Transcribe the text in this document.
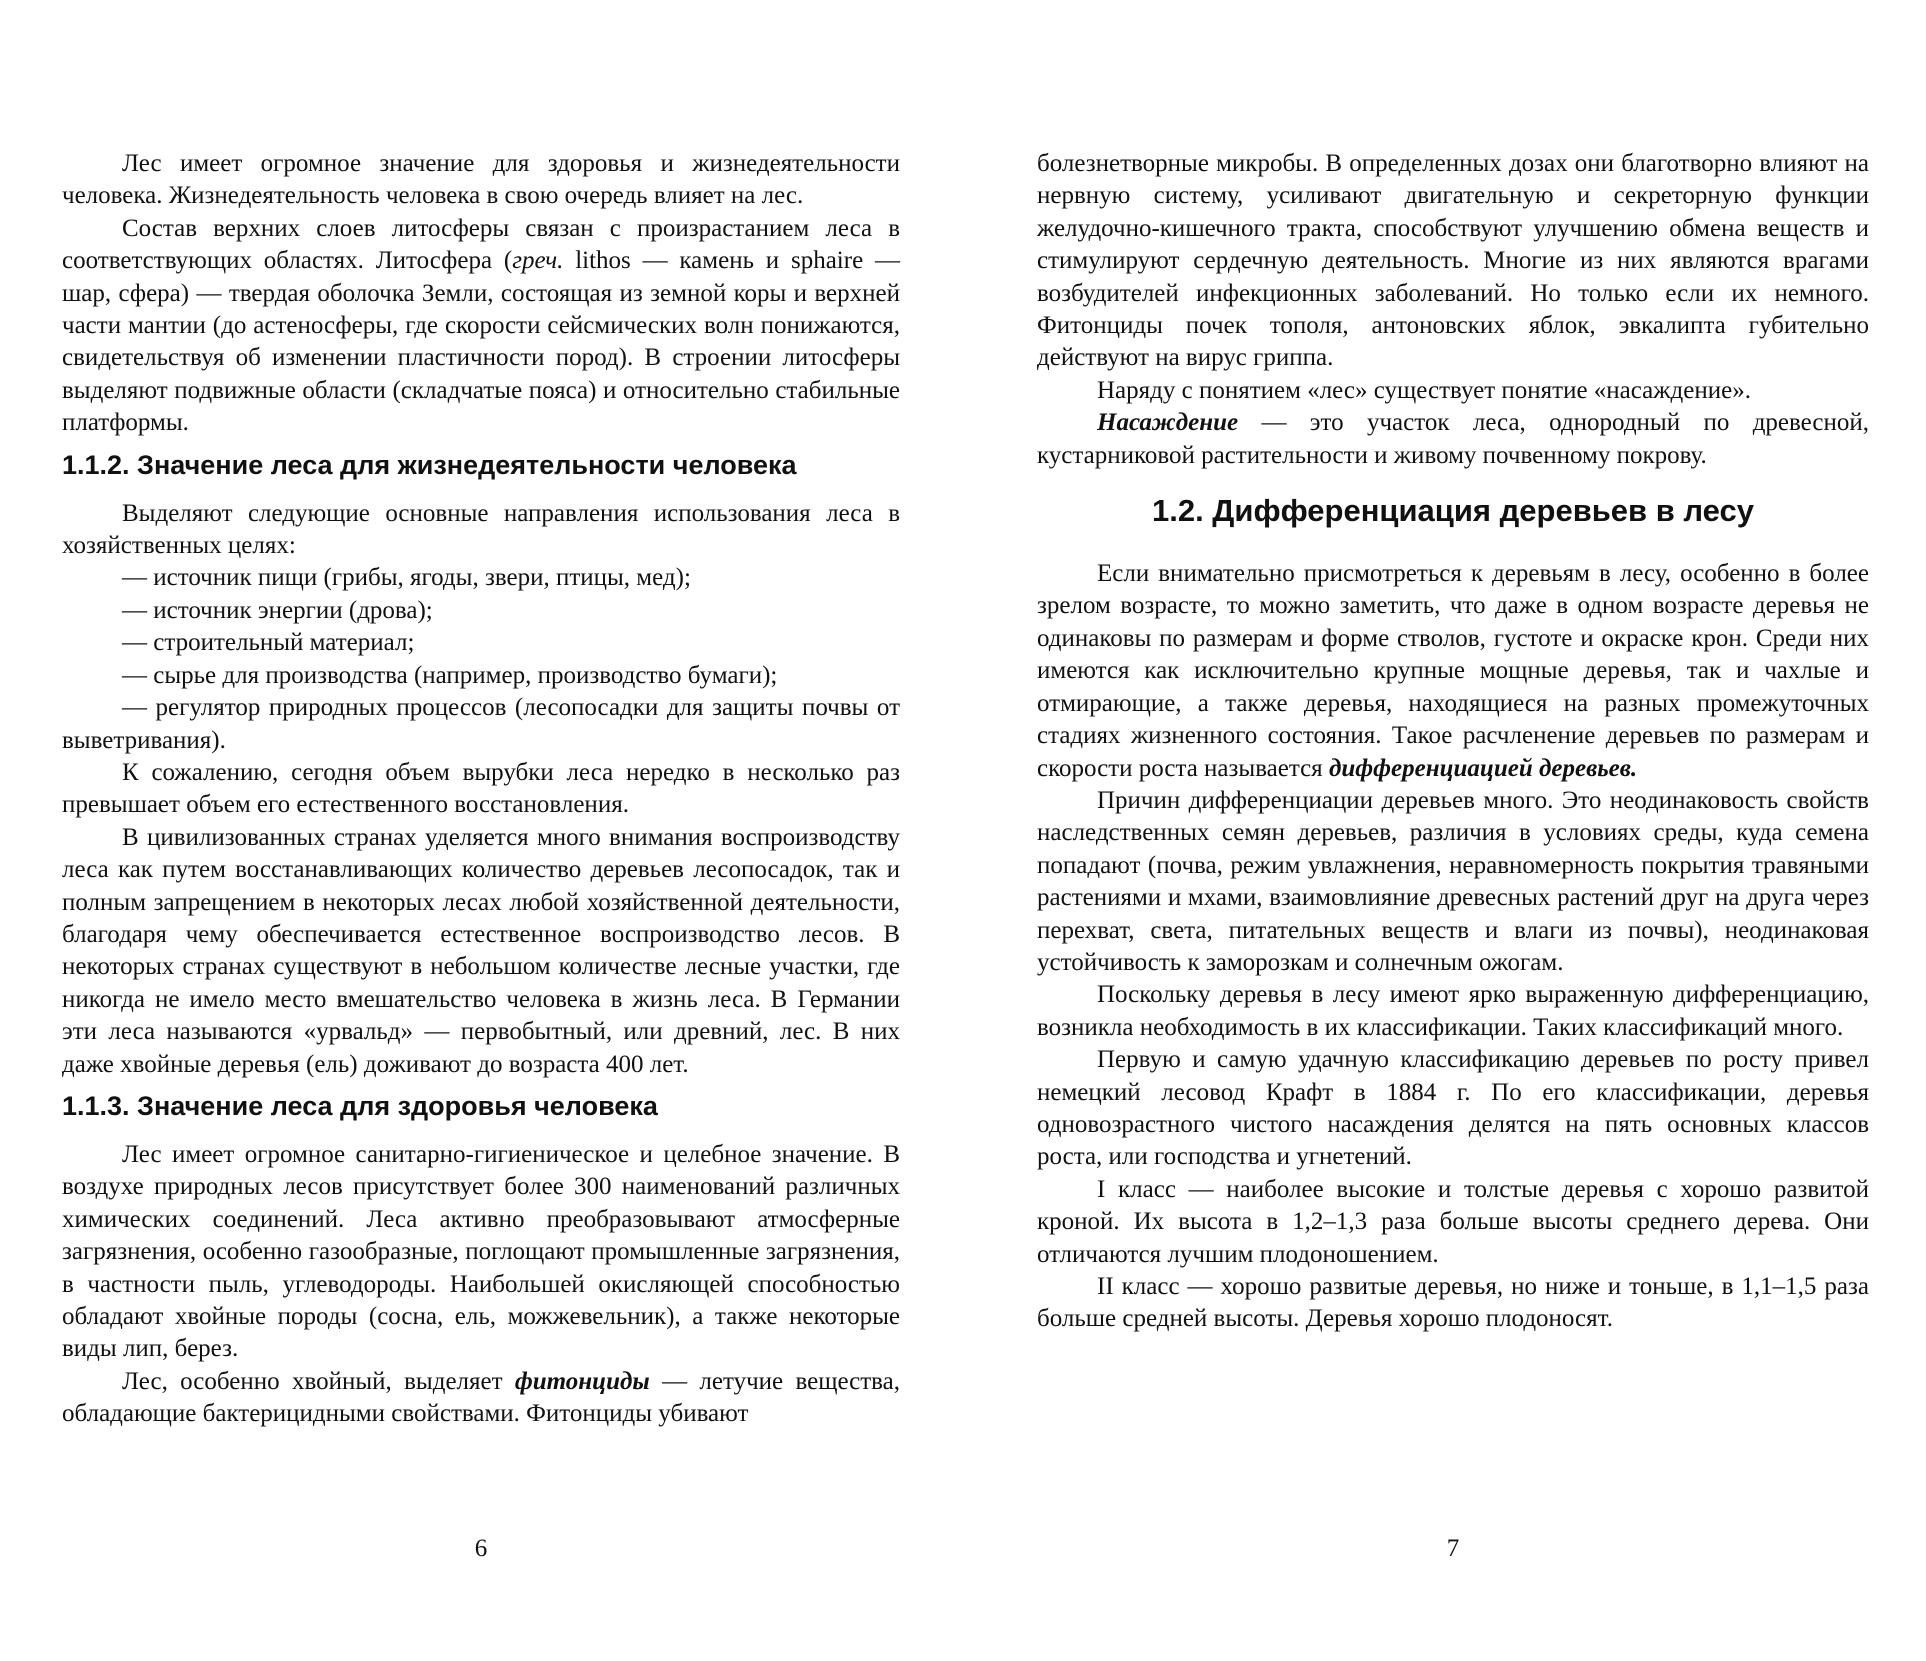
Лес имеет огромное значение для здоровья и жизнедеятельности человека. Жизнедеятельность человека в свою очередь влияет на лес.

Состав верхних слоев литосферы связан с произрастанием леса в соответствующих областях. Литосфера (греч. lithos — камень и sphaire — шар, сфера) — твердая оболочка Земли, состоящая из земной коры и верхней части мантии (до астеносферы, где скорости сейсмических волн понижаются, свидетельствуя об изменении пластичности пород). В строении литосферы выделяют подвижные области (складчатые пояса) и относительно стабильные платформы.

1.1.2. Значение леса для жизнедеятельности человека

Выделяют следующие основные направления использования леса в хозяйственных целях:

— источник пищи (грибы, ягоды, звери, птицы, мед);

— источник энергии (дрова);

— строительный материал;

— сырье для производства (например, производство бумаги);

— регулятор природных процессов (лесопосадки для защиты почвы от выветривания).

К сожалению, сегодня объем вырубки леса нередко в несколько раз превышает объем его естественного восстановления.

В цивилизованных странах уделяется много внимания воспроизводству леса как путем восстанавливающих количество деревьев лесопосадок, так и полным запрещением в некоторых лесах любой хозяйственной деятельности, благодаря чему обеспечивается естественное воспроизводство лесов. В некоторых странах существуют в небольшом количестве лесные участки, где никогда не имело место вмешательство человека в жизнь леса. В Германии эти леса называются «урвальд» — первобытный, или древний, лес. В них даже хвойные деревья (ель) доживают до возраста 400 лет.

1.1.3. Значение леса для здоровья человека

Лес имеет огромное санитарно-гигиеническое и целебное значение. В воздухе природных лесов присутствует более 300 наименований различных химических соединений. Леса активно преобразовывают атмосферные загрязнения, особенно газообразные, поглощают промышленные загрязнения, в частности пыль, углеводороды. Наибольшей окисляющей способностью обладают хвойные породы (сосна, ель, можжевельник), а также некоторые виды лип, берез.

Лес, особенно хвойный, выделяет фитонциды — летучие вещества, обладающие бактерицидными свойствами. Фитонциды убивают

6

болезнетворные микробы. В определенных дозах они благотворно влияют на нервную систему, усиливают двигательную и секреторную функции желудочно-кишечного тракта, способствуют улучшению обмена веществ и стимулируют сердечную деятельность. Многие из них являются врагами возбудителей инфекционных заболеваний. Но только если их немного. Фитонциды почек тополя, антоновских яблок, эвкалипта губительно действуют на вирус гриппа.

Наряду с понятием «лес» существует понятие «насаждение».

Насаждение — это участок леса, однородный по древесной, кустарниковой растительности и живому почвенному покрову.

1.2. Дифференциация деревьев в лесу

Если внимательно присмотреться к деревьям в лесу, особенно в более зрелом возрасте, то можно заметить, что даже в одном возрасте деревья не одинаковы по размерам и форме стволов, густоте и окраске крон. Среди них имеются как исключительно крупные мощные деревья, так и чахлые и отмирающие, а также деревья, находящиеся на разных промежуточных стадиях жизненного состояния. Такое расчленение деревьев по размерам и скорости роста называется дифференциацией деревьев.

Причин дифференциации деревьев много. Это неодинаковость свойств наследственных семян деревьев, различия в условиях среды, куда семена попадают (почва, режим увлажнения, неравномерность покрытия травяными растениями и мхами, взаимовлияние древесных растений друг на друга через перехват, света, питательных веществ и влаги из почвы), неодинаковая устойчивость к заморозкам и солнечным ожогам.

Поскольку деревья в лесу имеют ярко выраженную дифференциацию, возникла необходимость в их классификации. Таких классификаций много.

Первую и самую удачную классификацию деревьев по росту привел немецкий лесовод Крафт в 1884 г. По его классификации, деревья одновозрастного чистого насаждения делятся на пять основных классов роста, или господства и угнетений.

I класс — наиболее высокие и толстые деревья с хорошо развитой кроной. Их высота в 1,2–1,3 раза больше высоты среднего дерева. Они отличаются лучшим плодоношением.

II класс — хорошо развитые деревья, но ниже и тоньше, в 1,1–1,5 раза больше средней высоты. Деревья хорошо плодоносят.

7
